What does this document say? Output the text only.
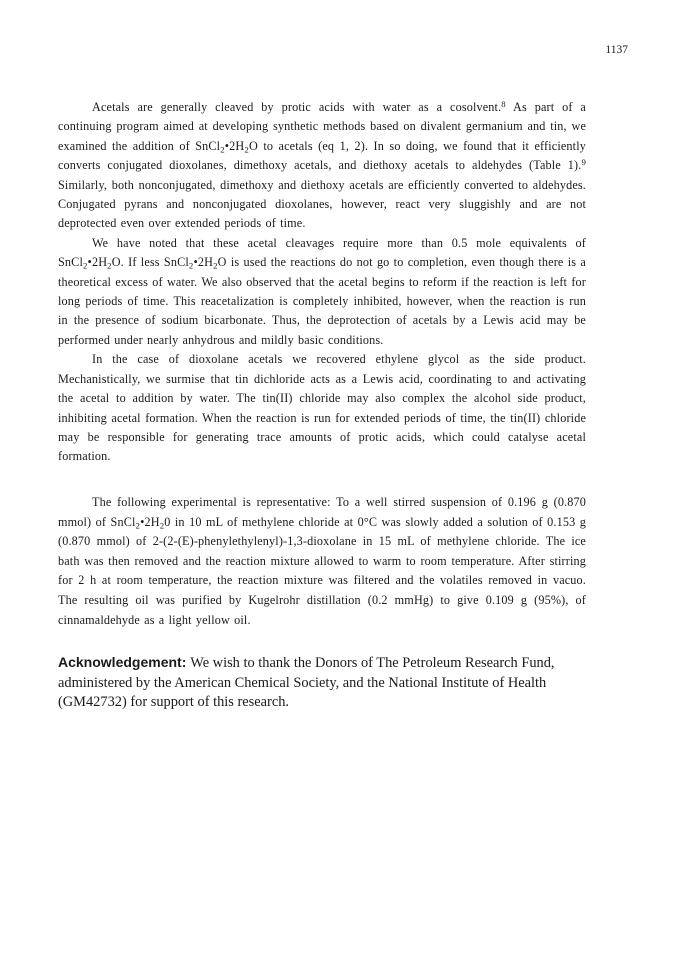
1137

Acetals are generally cleaved by protic acids with water as a cosolvent.$^8$ As part of a continuing program aimed at developing synthetic methods based on divalent germanium and tin, we examined the addition of $SnCl_2•2H_2O$ to acetals (eq 1, 2). In so doing, we found that it efficiently converts conjugated dioxolanes, dimethoxy acetals, and diethoxy acetals to aldehydes (Table 1).$^9$ Similarly, both nonconjugated, dimethoxy and diethoxy acetals are efficiently converted to aldehydes. Conjugated pyrans and nonconjugated dioxolanes, however, react very sluggishly and are not deprotected even over extended periods of time.

We have noted that these acetal cleavages require more than 0.5 mole equivalents of $SnCl_2•2H_2O$. If less $SnCl_2•2H_2O$ is used the reactions do not go to completion, even though there is a theoretical excess of water. We also observed that the acetal begins to reform if the reaction is left for long periods of time. This reacetalization is completely inhibited, however, when the reaction is run in the presence of sodium bicarbonate. Thus, the deprotection of acetals by a Lewis acid may be performed under nearly anhydrous and mildly basic conditions.

In the case of dioxolane acetals we recovered ethylene glycol as the side product. Mechanistically, we surmise that tin dichloride acts as a Lewis acid, coordinating to and activating the acetal to addition by water. The tin(II) chloride may also complex the alcohol side product, inhibiting acetal formation. When the reaction is run for extended periods of time, the tin(II) chloride may be responsible for generating trace amounts of protic acids, which could catalyse acetal formation.

The following experimental is representative: To a well stirred suspension of 0.196 g (0.870 mmol) of $SnCl_2•2H_20$ in 10 mL of methylene chloride at 0°C was slowly added a solution of 0.153 g (0.870 mmol) of 2-(2-(E)-phenylethylenyl)-1,3-dioxolane in 15 mL of methylene chloride. The ice bath was then removed and the reaction mixture allowed to warm to room temperature. After stirring for 2 h at room temperature, the reaction mixture was filtered and the volatiles removed in vacuo. The resulting oil was purified by Kugelrohr distillation (0.2 mmHg) to give 0.109 g (95%), of cinnamaldehyde as a light yellow oil.

Acknowledgement: We wish to thank the Donors of The Petroleum Research Fund, administered by the American Chemical Society, and the National Institute of Health (GM42732) for support of this research.
